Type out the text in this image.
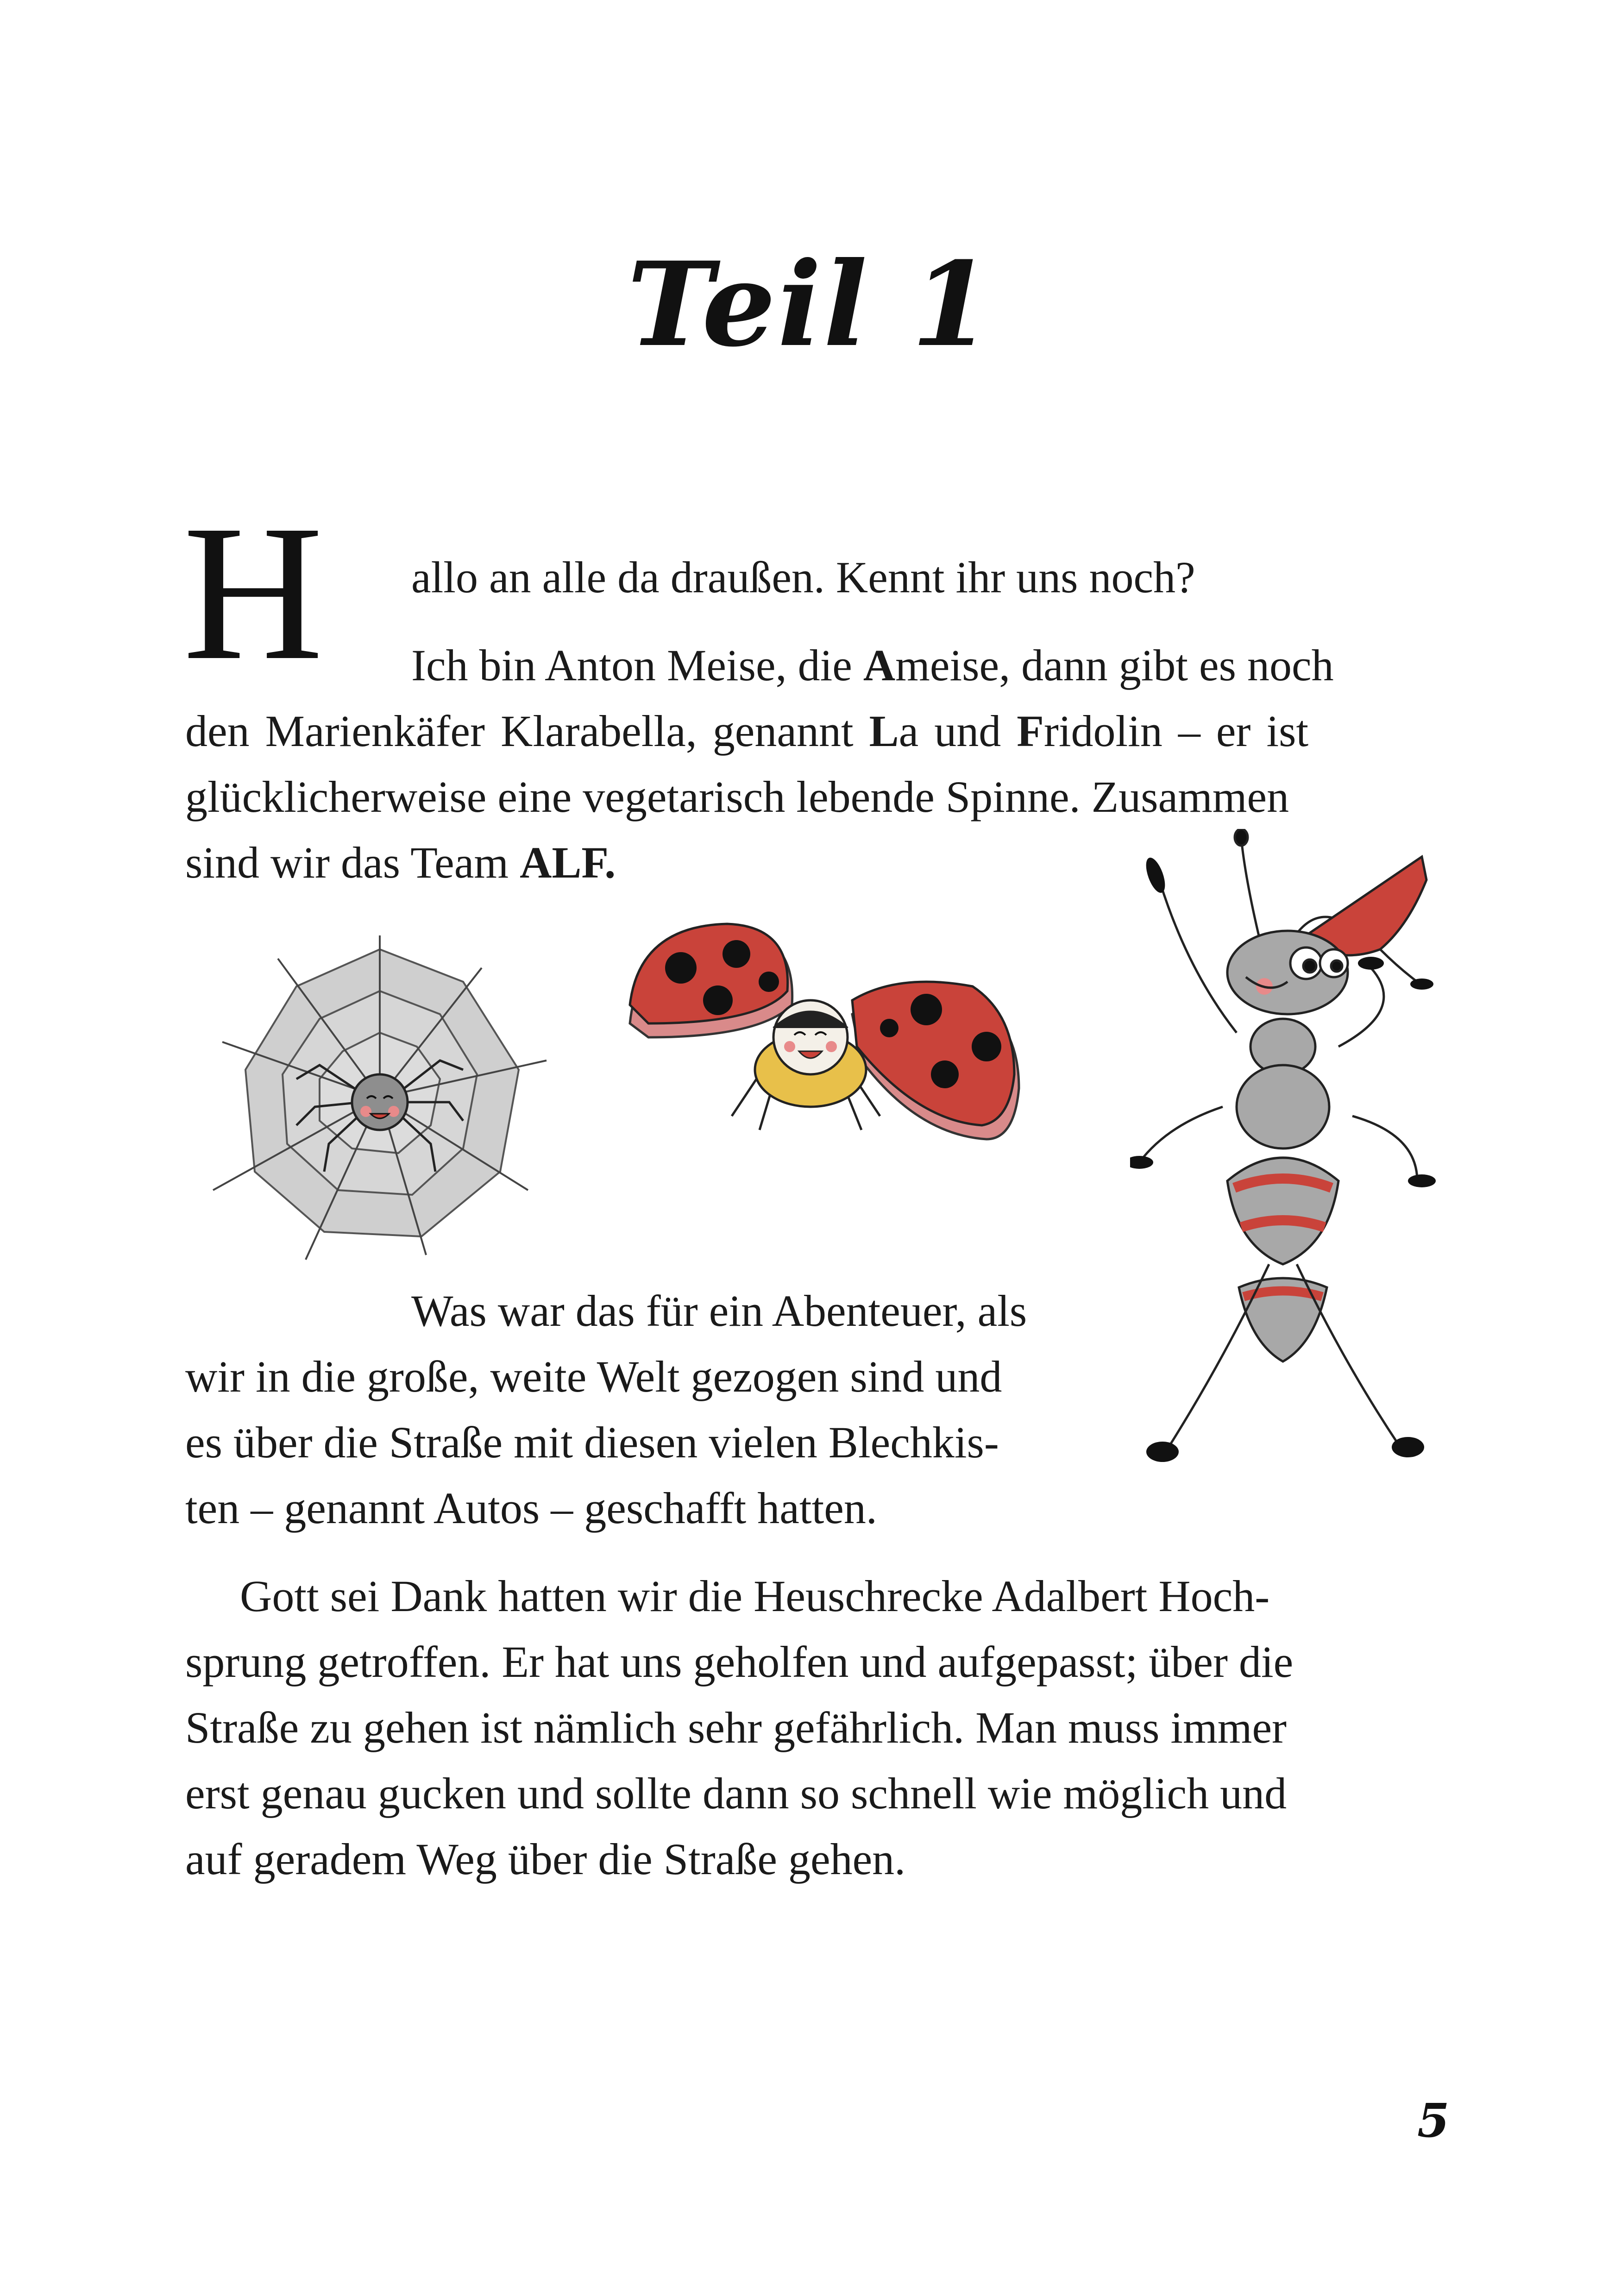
Teil 1
H allo an alle da draußen. Kennt ihr uns noch?

Ich bin Anton Meise, die Ameise, dann gibt es noch

den Marienkäfer Klarabella, genannt La und Fridolin – er ist

glücklicherweise eine vegetarisch lebende Spinne. Zusammen

sind wir das Team ALF.

Was war das für ein Abenteuer, als

wir in die große, weite Welt gezogen sind und

es über die Straße mit diesen vielen Blechkis-

ten – genannt Autos – geschafft hatten.

Gott sei Dank hatten wir die Heuschrecke Adalbert Hoch-

sprung getroffen. Er hat uns geholfen und aufgepasst; über die

Straße zu gehen ist nämlich sehr gefährlich. Man muss immer

erst genau gucken und sollte dann so schnell wie möglich und

auf geradem Weg über die Straße gehen.

5
